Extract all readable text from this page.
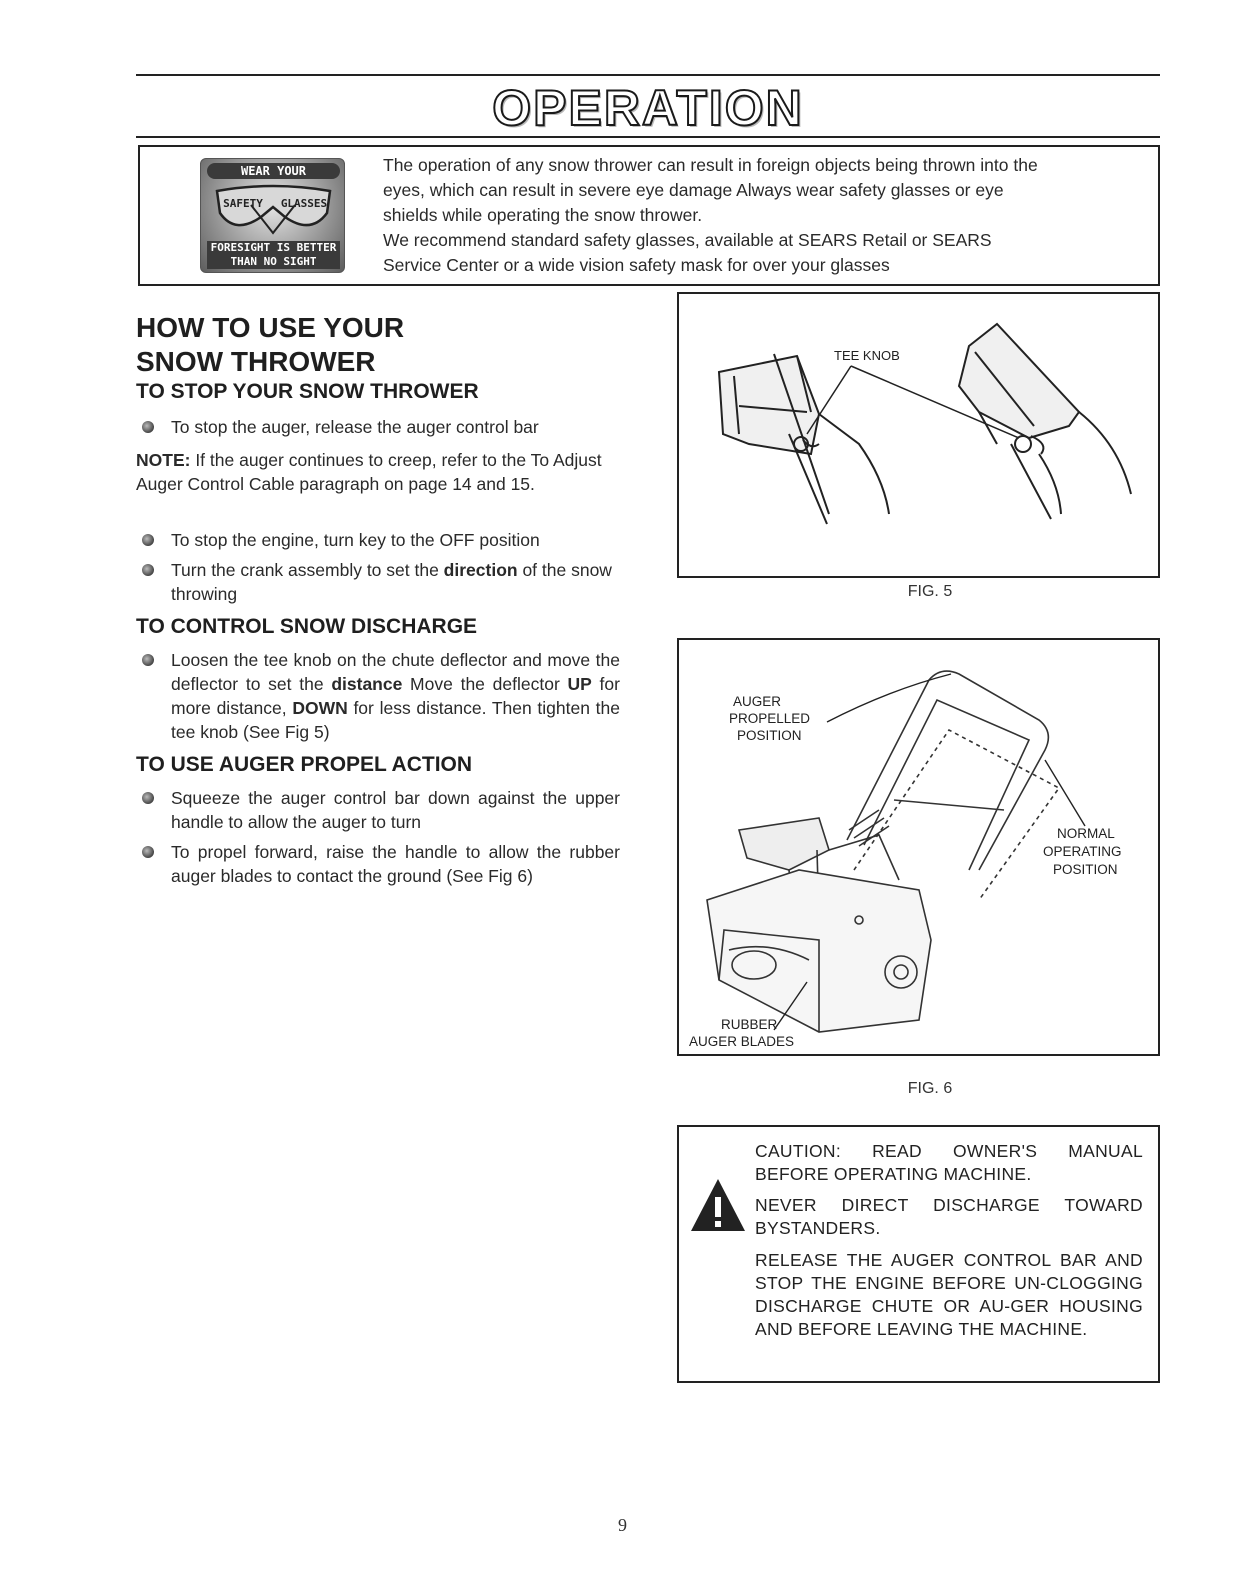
OPERATION
WEAR YOUR
SAFETY GLASSES
FORESIGHT IS BETTER
THAN NO SIGHT
The operation of any snow thrower can result in foreign objects being thrown into the
eyes, which can result in severe eye damage Always wear safety glasses or eye
shields while operating the snow thrower.
We recommend standard safety glasses, available at SEARS Retail or SEARS
Service Center or a wide vision safety mask for over your glasses
HOW TO USE YOUR
SNOW THROWER
TO STOP YOUR SNOW THROWER
To stop the auger, release the auger control bar
NOTE: If the auger continues to creep, refer to the To Adjust Auger Control Cable paragraph on page 14 and 15.
To stop the engine, turn key to the OFF position
Turn the crank assembly to set the direction of the snow throwing
TO CONTROL SNOW DISCHARGE
Loosen the tee knob on the chute deflector and move the deflector to set the distance Move the deflector UP for more distance, DOWN for less distance. Then tighten the tee knob (See Fig 5)
TO USE AUGER PROPEL ACTION
Squeeze the auger control bar down against the upper handle to allow the auger to turn
To propel forward, raise the handle to allow the rubber auger blades to contact the ground (See Fig 6)
TEE KNOB
FIG. 5
AUGER
PROPELLED
POSITION
NORMAL
OPERATING
POSITION
RUBBER
AUGER BLADES
FIG. 6
CAUTION: READ OWNER'S MANUAL BEFORE OPERATING MACHINE.
NEVER DIRECT DISCHARGE TOWARD BYSTANDERS.
RELEASE THE AUGER CONTROL BAR AND STOP THE ENGINE BEFORE UN-CLOGGING DISCHARGE CHUTE OR AU-GER HOUSING AND BEFORE LEAVING THE MACHINE.
9
